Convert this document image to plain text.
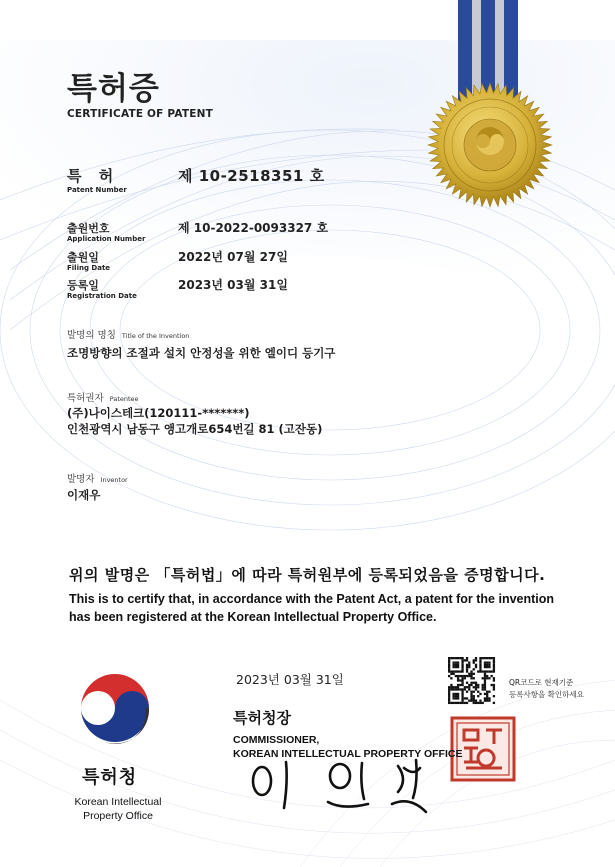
특허증
CERTIFICATE OF PATENT
특 허
Patent Number
제 10-2518351 호
출원번호
Application Number
제 10-2022-0093327 호
출원일
Filing Date
2022년 07월 27일
등록일
Registration Date
2023년 03월 31일
발명의 명칭 Title of the Invention
조명방향의 조절과 설치 안정성을 위한 엘이디 등기구
특허권자 Patentee
(주)나이스테크(120111-*******)
인천광역시 남동구 앵고개로654번길 81 (고잔동)
발명자 Inventor
이재우
위의 발명은 「특허법」에 따라 특허원부에 등록되었음을 증명합니다.
This is to certify that, in accordance with the Patent Act, a patent for the invention has been registered at the Korean Intellectual Property Office.
2023년 03월 31일
특허청장
COMMISSIONER,
KOREAN INTELLECTUAL PROPERTY OFFICE
QR코드로 현재기준
등록사항을 확인하세요
특허청
Korean Intellectual
Property Office
